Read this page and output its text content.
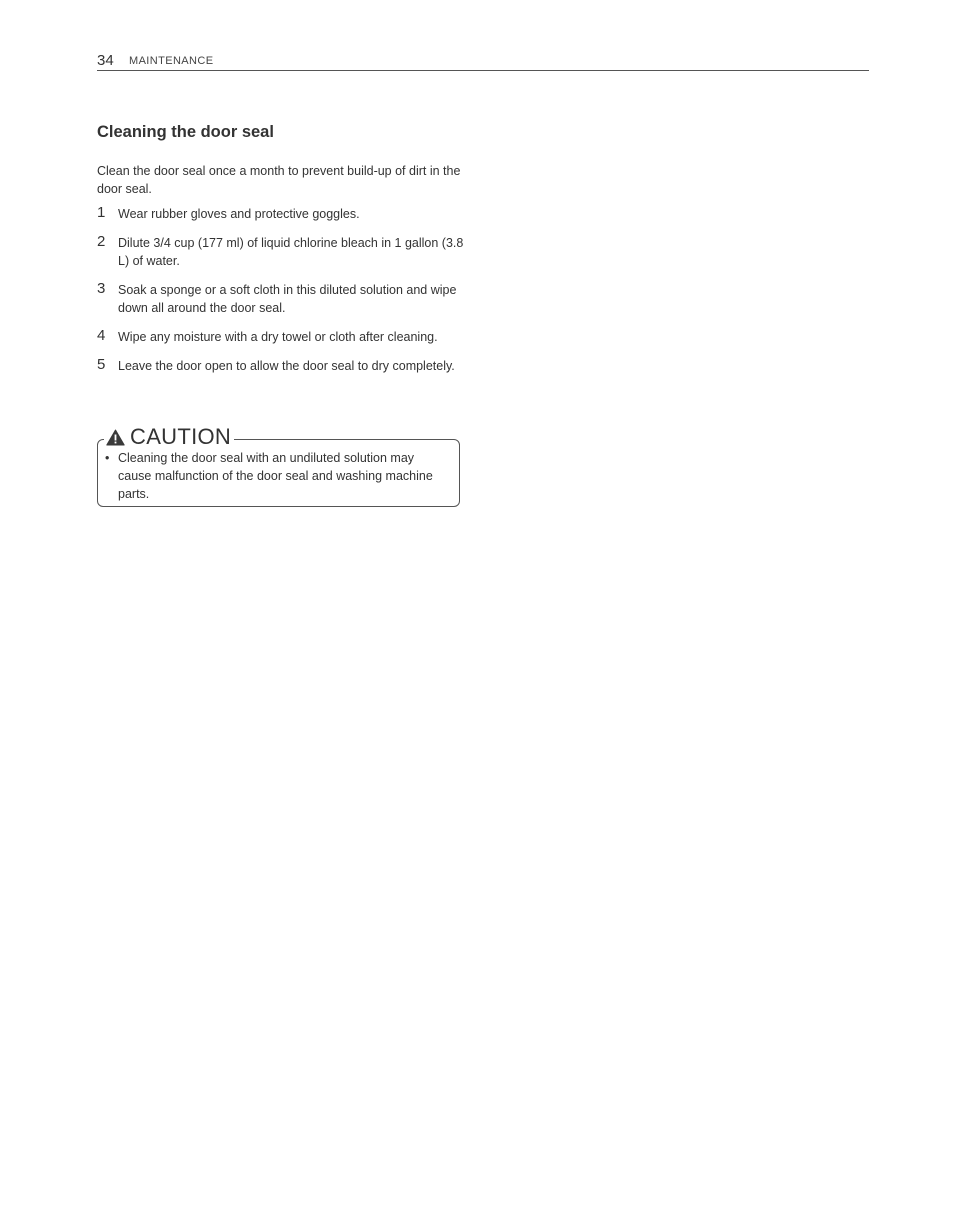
34 MAINTENANCE
Cleaning the door seal

Clean the door seal once a month to prevent build-up of dirt in the door seal.

1 Wear rubber gloves and protective goggles.
2 Dilute 3/4 cup (177 ml) of liquid chlorine bleach in 1 gallon (3.8 L) of water.
3 Soak a sponge or a soft cloth in this diluted solution and wipe down all around the door seal.
4 Wipe any moisture with a dry towel or cloth after cleaning.
5 Leave the door open to allow the door seal to dry completely.
CAUTION
• Cleaning the door seal with an undiluted solution may cause malfunction of the door seal and washing machine parts.
